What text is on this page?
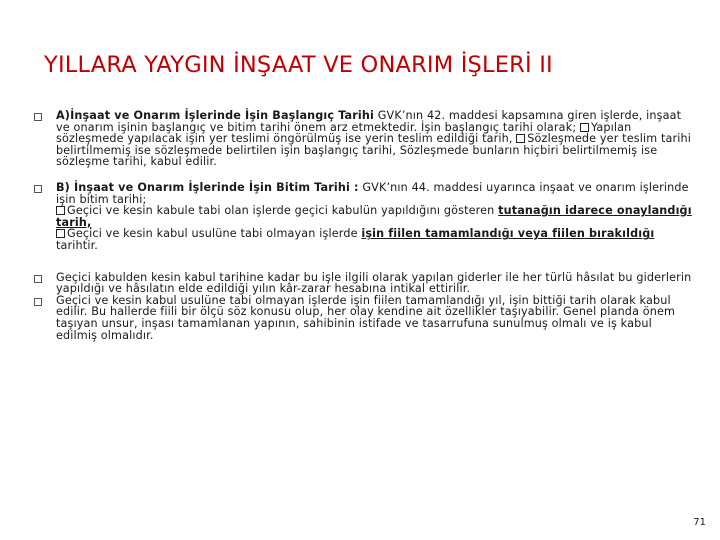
YILLARA YAYGIN İNŞAAT VE ONARIM İŞLERİ II
A)İnşaat ve Onarım İşlerinde İşin Başlangıç Tarihi GVK’nın 42. maddesi kapsamına giren işlerde, inşaat ve onarım işinin başlangıç ve bitim tarihi önem arz etmektedir. İşin başlangıç tarihi olarak; Yapılan sözleşmede yapılacak işin yer teslimi öngörülmüş ise yerin teslim edildiği tarih, Sözleşmede yer teslim tarihi belirtilmemiş ise sözleşmede belirtilen işin başlangıç tarihi, Sözleşmede bunların hiçbiri belirtilmemiş ise sözleşme tarihi, kabul edilir.
B) İnşaat ve Onarım İşlerinde İşin Bitim Tarihi : GVK’nın 44. maddesi uyarınca inşaat ve onarım işlerinde işin bitim tarihi;
Geçici ve kesin kabule tabi olan işlerde geçici kabulün yapıldığını gösteren tutanağın idarece onaylandığı tarih,
Geçici ve kesin kabul usulüne tabi olmayan işlerde işin fiilen tamamlandığı veya fiilen bırakıldığı tarihtir.
Geçici kabulden kesin kabul tarihine kadar bu işle ilgili olarak yapılan giderler ile her türlü hâsılat bu giderlerin yapıldığı ve hâsılatın elde edildiği yılın kâr-zarar hesabına intikal ettirilir.
Geçici ve kesin kabul usulüne tabi olmayan işlerde işin fiilen tamamlandığı yıl, işin bittiği tarih olarak kabul edilir. Bu hallerde fiili bir ölçü söz konusu olup, her olay kendine ait özellikler taşıyabilir. Genel planda önem taşıyan unsur, inşası tamamlanan yapının, sahibinin istifade ve tasarrufuna sunulmuş olmalı ve iş kabul edilmiş olmalıdır.
71
